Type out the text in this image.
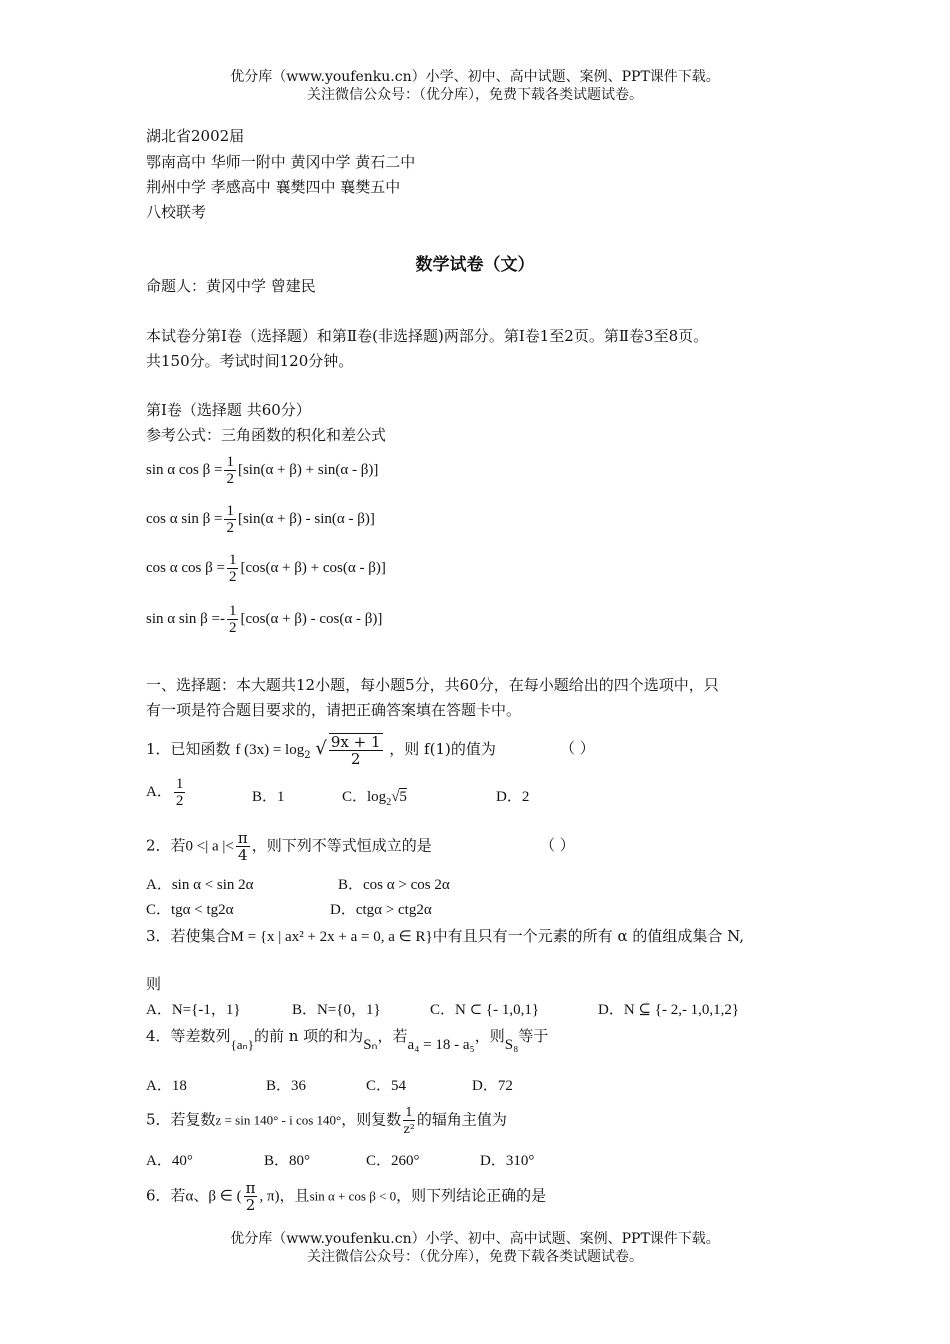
优分库（www.youfenku.cn）小学、初中、高中试题、案例、PPT课件下载。
关注微信公众号：（优分库），免费下载各类试题试卷。
湖北省2002届
鄂南高中 华师一附中 黄冈中学 黄石二中
荆州中学 孝感高中 襄樊四中 襄樊五中
八校联考
数学试卷（文）
命题人：黄冈中学 曾建民
本试卷分第Ⅰ卷（选择题）和第Ⅱ卷(非选择题)两部分。第Ⅰ卷1至2页。第Ⅱ卷3至8页。
共150分。考试时间120分钟。
第Ⅰ卷（选择题 共60分）
参考公式：三角函数的积化和差公式
sin α $\cos \beta = \frac{1}{2} [\sin(\alpha + \beta) + \sin(\alpha - \beta)]$
cos α $\sin \beta = \frac{1}{2} [\sin(\alpha + \beta) - \sin(\alpha - \beta)]$
cos α $\cos \beta = \frac{1}{2} [\cos(\alpha + \beta) + \cos(\alpha - \beta)]$
sin α $\sin \beta =- \frac{1}{2} [\cos(\alpha + \beta) - \cos(\alpha - \beta)]$
一、选择题：本大题共12小题，每小题5分，共60分，在每小题给出的四个选项中，只
有一项是符合题目要求的，请把正确答案填在答题卡中。
1．已知函数 f $(3x) = \log_2$ √ $\frac{9x + 1}{2}$ ，则 f(1)的值为	（ ）
A． $\frac{1}{2}$	B．1	C．$\log_2√5$	D．2
2．若0 <| a |< $\frac{\pi}{4}$ ，则下列不等式恒成立的是	（ ）
A．sin α < sin 2α	B．cos α > cos 2α
C．tgα < tg2α	D．ctgα > ctg2α
3．若使集合M = {x | ax² + 2x + a = 0, a ∈ R}中有且只有一个元素的所有 α 的值组成集合 N,
则
A．N={-1，1}	B．N={0，1}	C．N ⊂ {- 1,0,1}	D．N ⊆ {- 2,- 1,0,1,2}
4．等差数列{aₙ}的前 n 项的和为Sₙ，若a₄ = 18 - a₅，则S₈等于
A．18	B．36	C．54	D．72
5．若复数z = sin 140° - i cos 140°，则复数 $\frac{1}{\text{z²}}$ 的辐角主值为
A．40°	B．80°	C．260°	D．310°
6．若α、β ∈ ( $\frac{\pi}{2}$ , π)，且sin α + cos β < 0，则下列结论正确的是
优分库（www.youfenku.cn）小学、初中、高中试题、案例、PPT课件下载。
关注微信公众号：（优分库），免费下载各类试题试卷。
